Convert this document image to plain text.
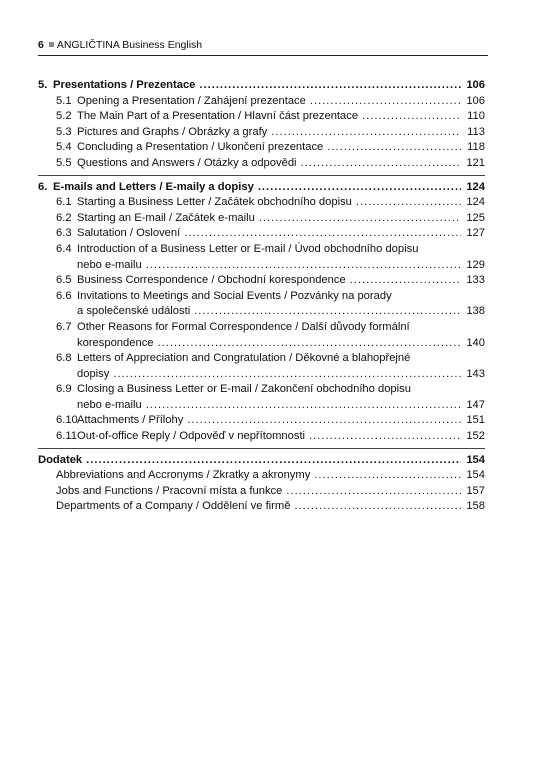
6 ANGLIČTINA Business English
5. Presentations / Prezentace .....	106
5.1 Opening a Presentation / Zahájení prezentace .....	106
5.2 The Main Part of a Presentation / Hlavní část prezentace .....	110
5.3 Pictures and Graphs / Obrázky a grafy .....	113
5.4 Concluding a Presentation / Ukončení prezentace .....	118
5.5 Questions and Answers / Otázky a odpovědi .....	121
6. E-mails and Letters / E-maily a dopisy .....	124
6.1 Starting a Business Letter / Začátek obchodního dopisu .....	124
6.2 Starting an E-mail / Začátek e-mailu .....	125
6.3 Salutation / Oslovení .....	127
6.4 Introduction of a Business Letter or E-mail / Úvod obchodního dopisu
nebo e-mailu .....	129
6.5 Business Correspondence / Obchodní korespondence .....	133
6.6 Invitations to Meetings and Social Events / Pozvánky na porady
a společenské události .....	138
6.7 Other Reasons for Formal Correspondence / Další důvody formální
korespondence .....	140
6.8 Letters of Appreciation and Congratulation / Děkovné a blahopřejné
dopisy .....	143
6.9 Closing a Business Letter or E-mail / Zakončení obchodního dopisu
nebo e-mailu .....	147
6.10 Attachments / Přílohy .....	151
6.11 Out-of-office Reply / Odpověď v nepřítomnosti .....	152
Dodatek .....	154
Abbreviations and Accronyms / Zkratky a akronymy .....	154
Jobs and Functions / Pracovní místa a funkce .....	157
Departments of a Company / Oddělení ve firmě .....	158
